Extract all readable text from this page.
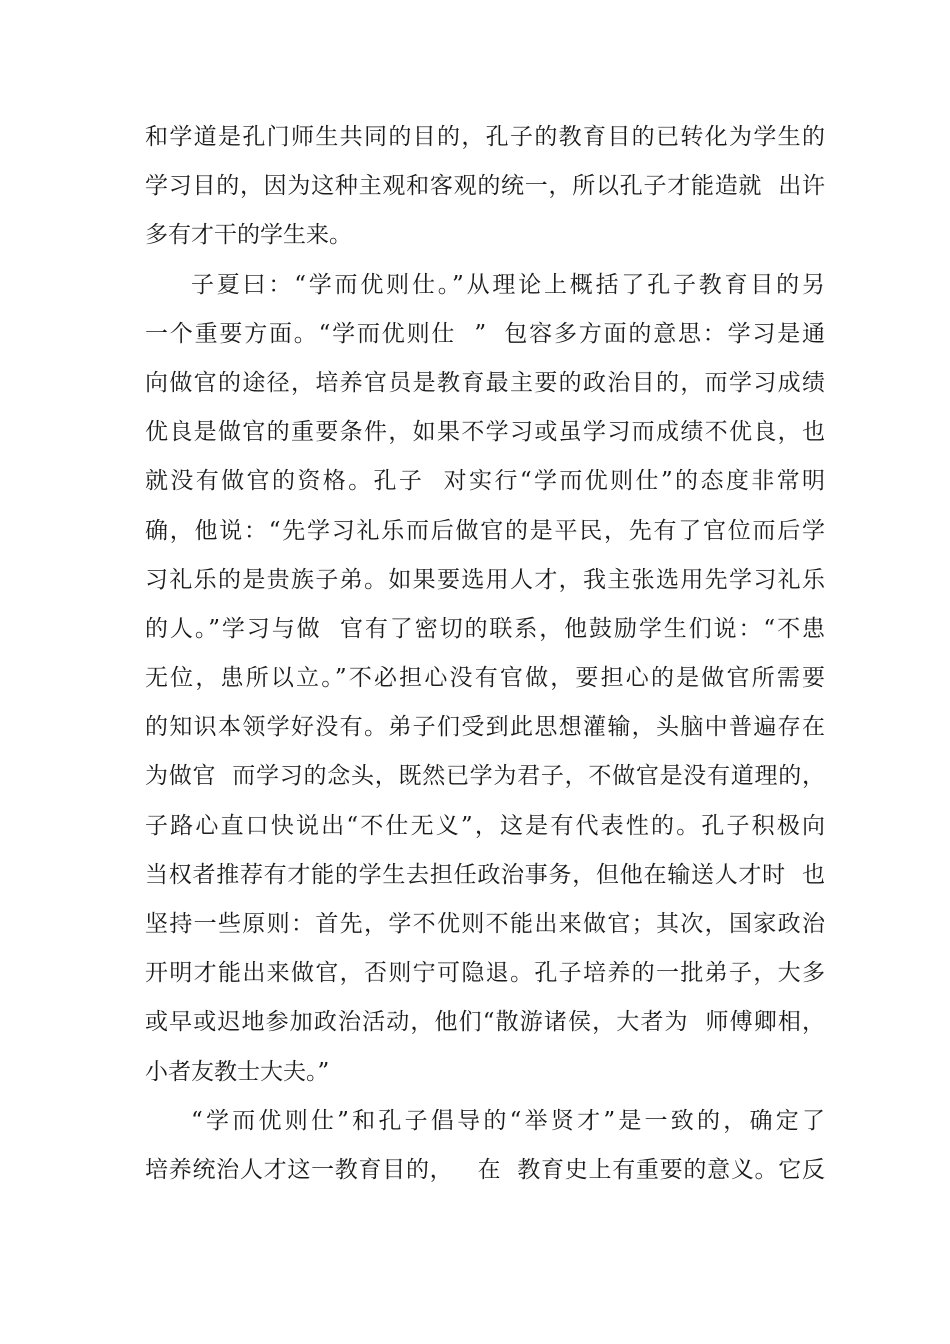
和学道是孔门师生共同的目的，孔子的教育目的已转化为学生的
学习目的，因为这种主观和客观的统一，所以孔子才能造就  出许
多有才干的学生来。
子夏曰：“学而优则仕。”从理论上概括了孔子教育目的另
一个重要方面。“学而优则仕  ”  包容多方面的意思：学习是通
向做官的途径，培养官员是教育最主要的政治目的，而学习成绩
优良是做官的重要条件，如果不学习或虽学习而成绩不优良，也
就没有做官的资格。孔子  对实行“学而优则仕”的态度非常明
确，他说：“先学习礼乐而后做官的是平民，先有了官位而后学
习礼乐的是贵族子弟。如果要选用人才，我主张选用先学习礼乐
的人。”学习与做  官有了密切的联系，他鼓励学生们说：“不患
无位，患所以立。”不必担心没有官做，要担心的是做官所需要
的知识本领学好没有。弟子们受到此思想灌输，头脑中普遍存在
为做官  而学习的念头，既然已学为君子，不做官是没有道理的，
子路心直口快说出“不仕无义”，这是有代表性的。孔子积极向
当权者推荐有才能的学生去担任政治事务，但他在输送人才时  也
坚持一些原则：首先，学不优则不能出来做官；其次，国家政治
开明才能出来做官，否则宁可隐退。孔子培养的一批弟子，大多
或早或迟地参加政治活动，他们“散游诸侯，大者为  师傅卿相，
小者友教士大夫。”
“学而优则仕”和孔子倡导的“举贤才”是一致的，确定了
培养统治人才这一教育目的，   在  教育史上有重要的意义。它反
